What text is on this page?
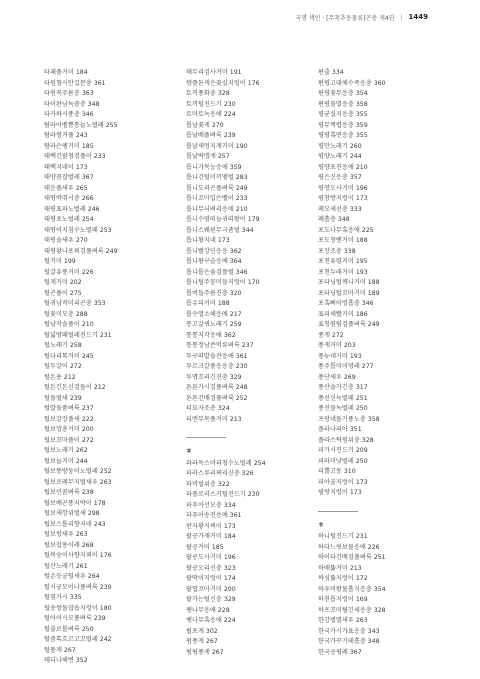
국명 색인 · [무척추동물류]곤충 제4권 | 1449
타패풀거미 184
타원첨시안길문충 361
타원꼭주름충 363
타이완남녹꼼충 348
타카하시풍충 346
탐라아벨쁨통늘노벌레 255
탐라쌍거풀 243
탐라슨팽거미 185
태백긴팔첨검풀이 233
태백지네이 173
태양꼼잡벌레 367
태운풀새우 265
태평박쥐시충 266
태평표파노벌레 246
태평포노벌레 254
태평이지침수노벌레 253
태평솔새우 270
태평황나포퇴검풀벼룩 249
털거미 199
털갈유풍거미 226
털게거미 202
털곤풀이 275
털귀남작미리곤충 353
털꽃미모충 288
털남작솔풀이 210
털넓방패벌레진드기 231
털노래기 258
털다리톡거미 245
털두갈이 272
털돈용 212
털돈긴돈신검돌이 212
털돌벌새 239
털발돌품벼룩 237
털보갈장풀새 222
털보깡총거미 200
털보꼬마풀이 272
털보노래기 262
털보늘거미 244
털보똥방둥이노벌레 252
털보로레무지벌새우 263
털보민꼼벼룩 238
털보배곤풍지박이 178
털보새깡위벌새 298
털보스톨리향지네 243
털보쌍새우 263
털보잡용이래 268
털복숭이사향지뢰이 176
털산노래기 261
털손등궁털새우 264
털시궁모이나풀벼룩 239
털옆가시 335
털송쌍돌잡옵지렁이 180
털아이시모풀벼룩 239
털줄로톨벼룩 250
털줌톡흐르고꼬벌레 242
털풍게 267
테디나해변 352
테두리검사거미 191
템플톤색은꽃실지렁이 176
토끼풍화충 328
토끼털진드기 230
토마토녹응애 224
톱날꽃게 270
톱날배풀벼룩 239
톱날새멍지게거미 190
톱날딱맵게 257
톱니가목능응애 359
톱니긴털미끼멤벌 283
톱니도리곤풀벼룩 249
톱니꼬마입은벨이 233
톱니무늬벼리응애 210
톱니수염띠늪귀띠왕이 179
톱니스웨핀무극좀벌 344
톱니왕지네 173
톱니빨강딘응응 362
톱니왕구슬응애 364
톱니톨은움검플벌 346
톱니털주뭉미들지렁이 170
톱버들주름진충 320
톱슈피거미 188
톱수엽소해응애 217
통고갈퀴노래기 259
통통지각응애 362
통통정남쓴억류벼룩 237
투구띠발솔잔응애 361
투르크갈풀응응충 230
투명꼬리긴진충 329
튼튼가시검풀벼룩 248
튼튼긴배검풀벼룩 252
티묘자조총 324
티엔무목풀거미 213
ㅍ
파라독스머리칭수노벌레 254
파라스루리쩌리신충 326
파비벌위충 322
파플로리스키털진드기 230
파푸아선모충 334
파푸아송진응애 361
판자황지쩌이 173
팔공가재거미 184
팔공거미 185
팔공도사거미 196
팔공오리신충 323
팔딱이지렁이 174
팔엽꼬마거미 200
팔가는털신충 329
팽나무응애 228
팽나무혹응애 224
펄포게 302
펌풍게 267
펑펑풍게 267
편출 334
편평고대체수족응충 360
편평꽃무응충 354
편평물멸응충 358
평균실지응충 355
평무쩍렵응충 359
평평혹면응충 355
평만노래기 260
평양노래기 244
평양포진응애 210
평은신응충 357
평창도사거미 196
평창방지렁이 173
페모세선충 333
페흡충 348
포도나무혹응애 225
포도창벤거미 188
포장조충 338
포천유령거미 195
포천누래거미 193
포타닝털깨니거미 188
포타닝털꼬마거미 189
포혹뻐이멍흡충 346
표피새빨거미 186
표청원팀검풀벼룩 249
풍게 272
풍게거미 203
풍뉴네거미 193
풍주톱미미멍레 277
풍단새우 269
풍산솔가긴충 317
풍선신녹벌레 251
풍선물녹벌레 250
프랑네돌기풍노충 358
플라나리아 351
플라스틱원위충 328
피가시진드기 209
피라미낫벌레 250
피뿔고동 310
피아골지렁이 173
필랑지렁이 173
ㅎ
하니털진드기 231
하다느릿보물응애 226
하이타긴배검풀벼룩 251
하배뚫거미 213
하심뚫지렁이 172
하우머왕물흡식응충 354
하천톱지렁이 169
하프꼬미틸긴세응충 328
한강별멸새우 263
한국가시가표응충 343
한국가꾸기테흡충 348
한국공평레 367
